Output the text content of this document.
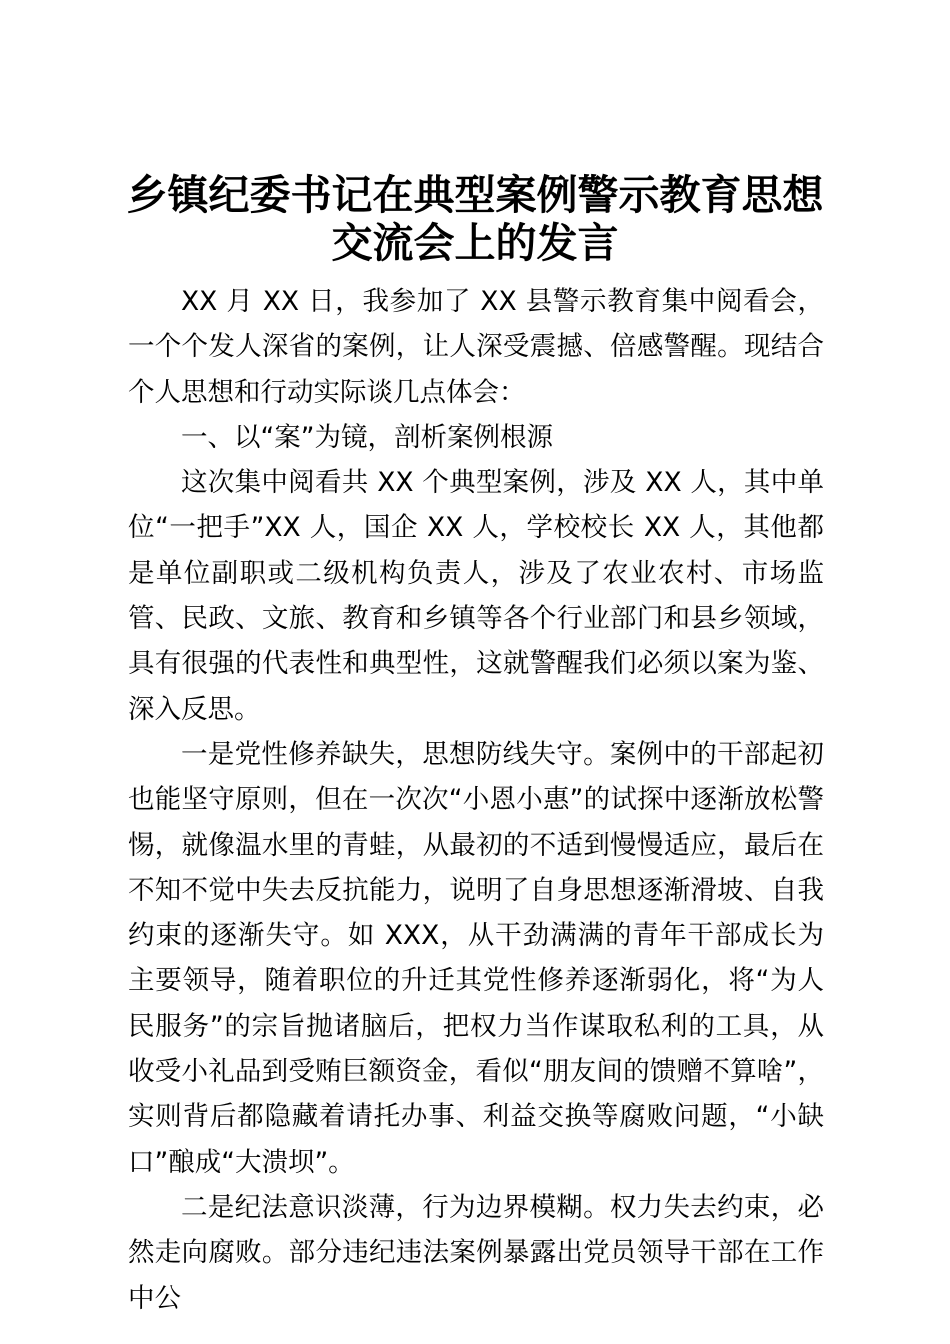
乡镇纪委书记在典型案例警示教育思想
交流会上的发言

XX 月 XX 日，我参加了 XX 县警示教育集中阅看会，一个个发人深省的案例，让人深受震撼、倍感警醒。现结合个人思想和行动实际谈几点体会：

一、以“案”为镜，剖析案例根源

这次集中阅看共 XX 个典型案例，涉及 XX 人，其中单位“一把手”XX 人，国企 XX 人，学校校长 XX 人，其他都是单位副职或二级机构负责人，涉及了农业农村、市场监管、民政、文旅、教育和乡镇等各个行业部门和县乡领域，具有很强的代表性和典型性，这就警醒我们必须以案为鉴、深入反思。

一是党性修养缺失，思想防线失守。案例中的干部起初也能坚守原则，但在一次次“小恩小惠”的试探中逐渐放松警惕，就像温水里的青蛙，从最初的不适到慢慢适应，最后在不知不觉中失去反抗能力，说明了自身思想逐渐滑坡、自我约束的逐渐失守。如 XXX，从干劲满满的青年干部成长为主要领导，随着职位的升迁其党性修养逐渐弱化，将“为人民服务”的宗旨抛诸脑后，把权力当作谋取私利的工具，从收受小礼品到受贿巨额资金，看似“朋友间的馈赠不算啥”，实则背后都隐藏着请托办事、利益交换等腐败问题，“小缺口”酿成“大溃坝”。

二是纪法意识淡薄，行为边界模糊。权力失去约束，必然走向腐败。部分违纪违法案例暴露出党员领导干部在工作中公
